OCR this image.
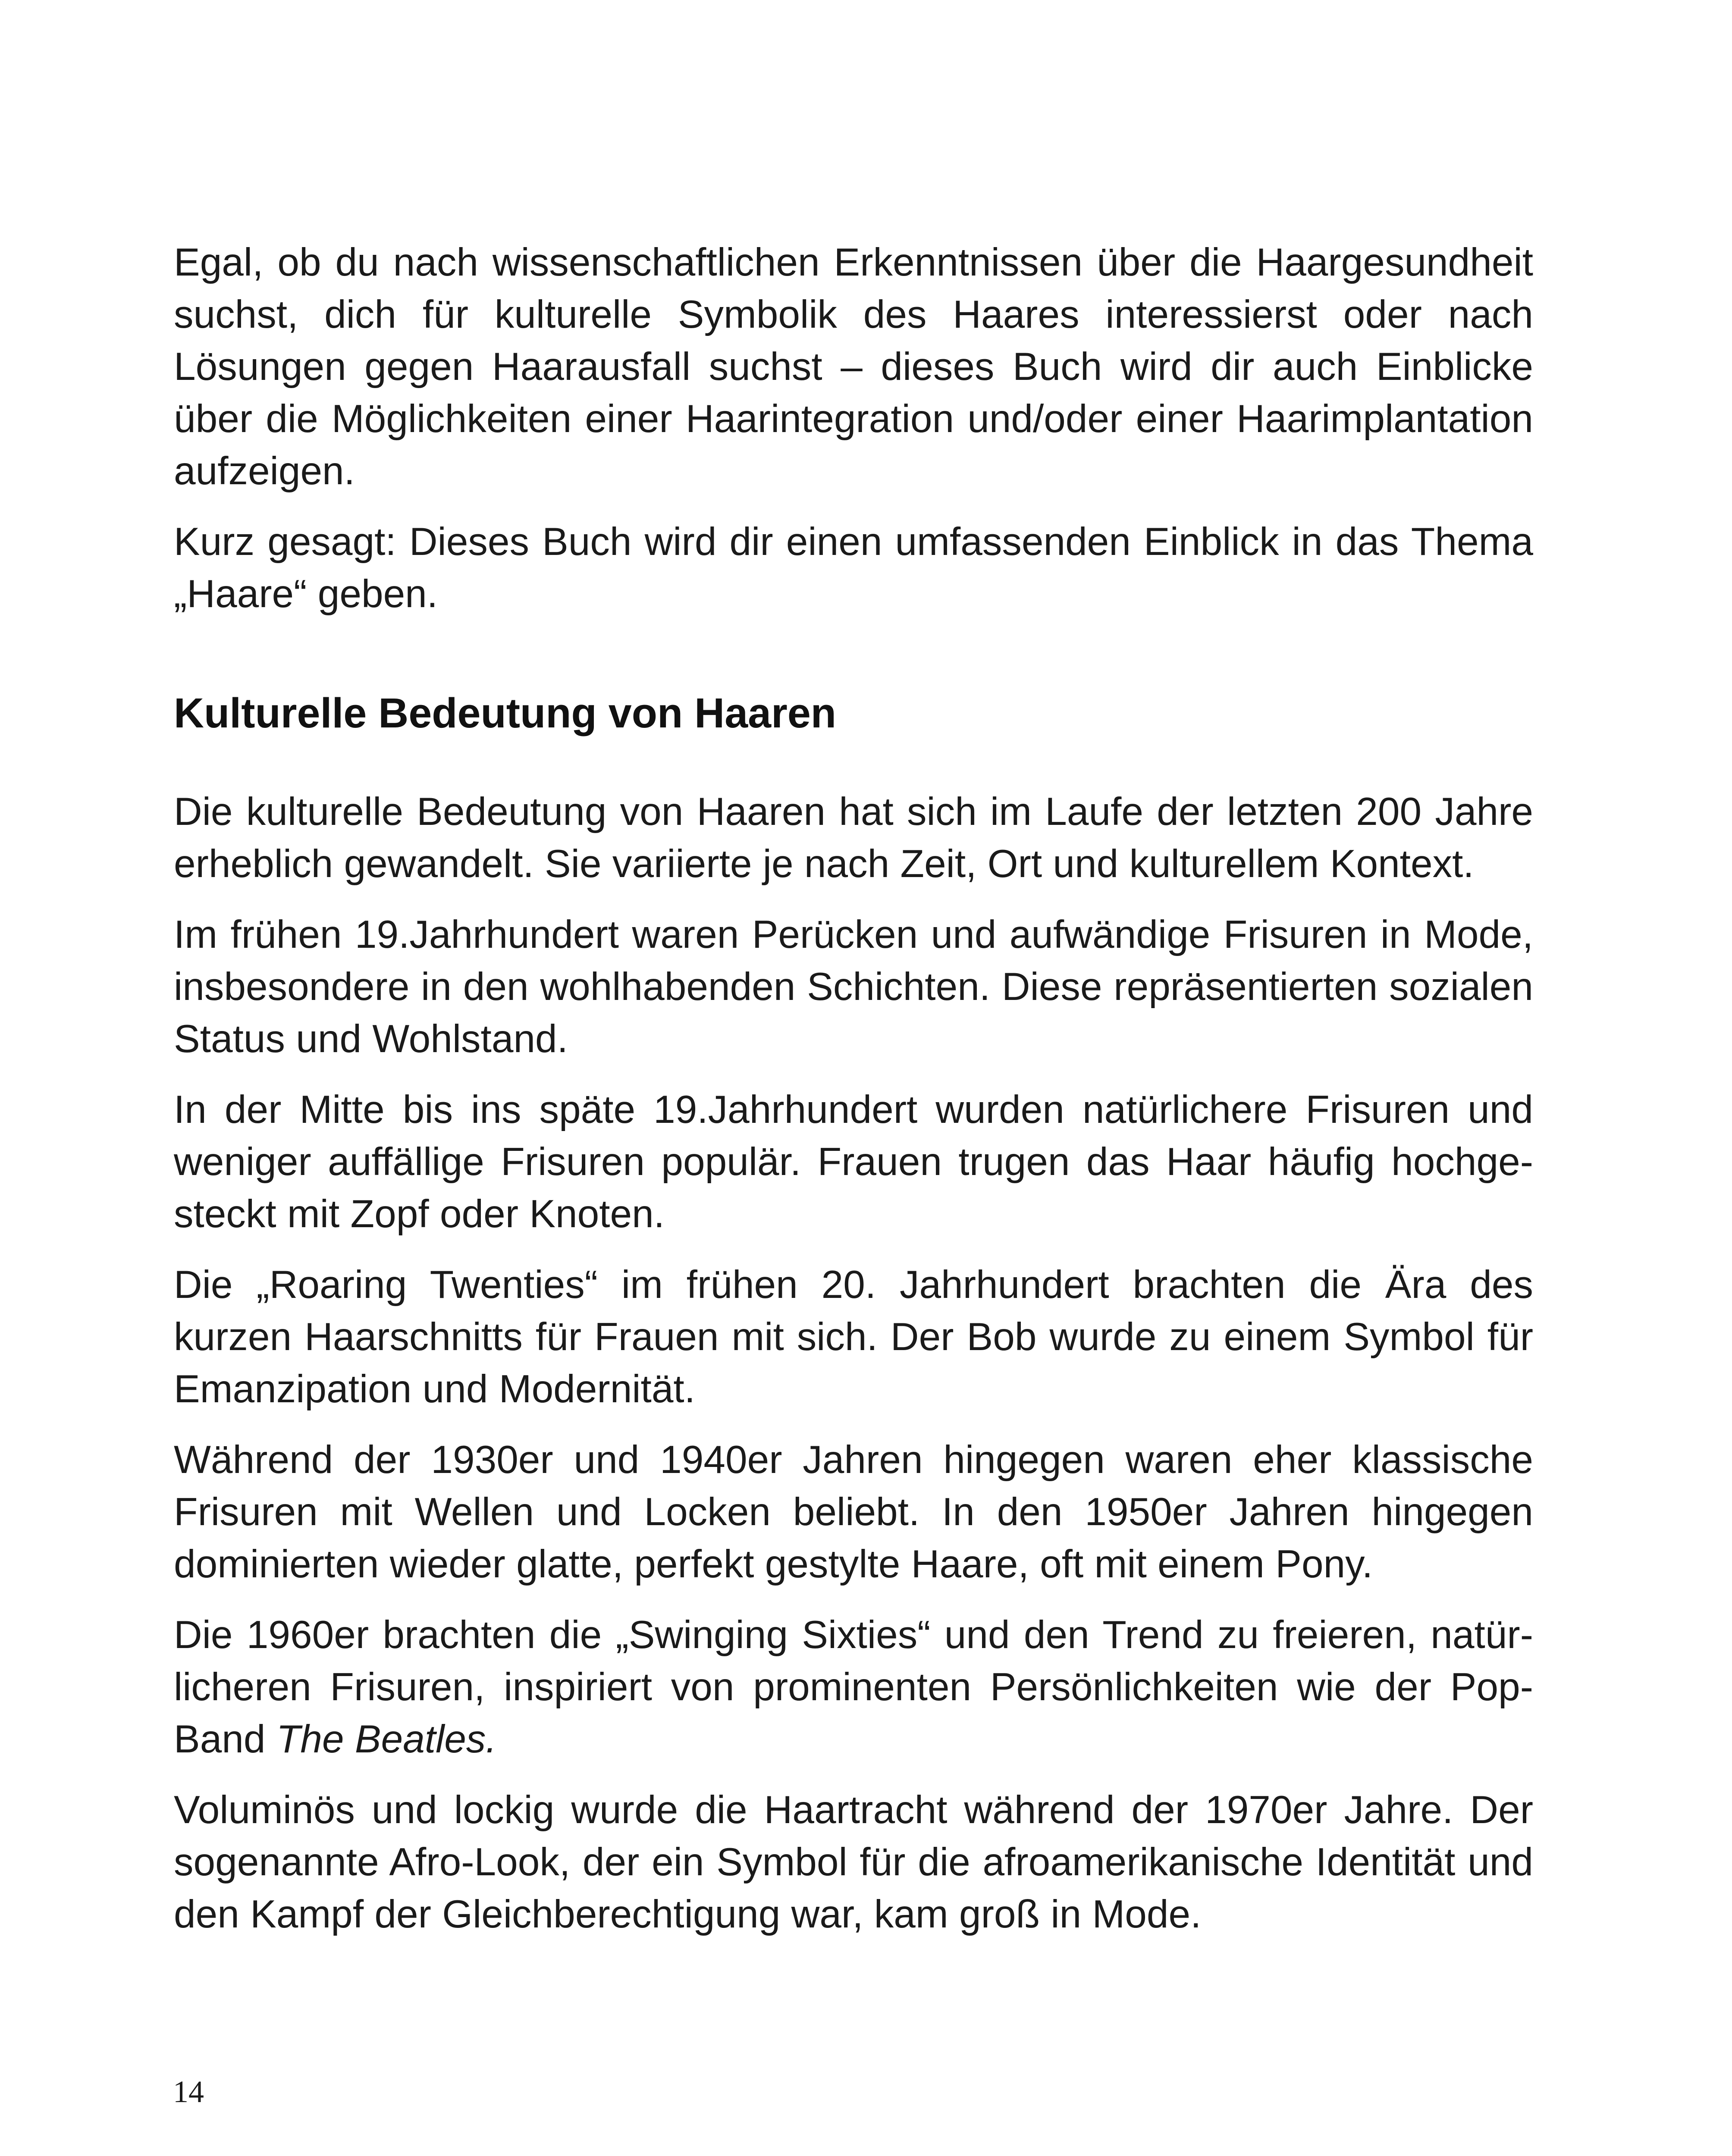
Egal, ob du nach wissenschaftlichen Erkenntnissen über die Haargesundheit suchst, dich für kulturelle Symbolik des Haares interessierst oder nach Lösungen gegen Haarausfall suchst – dieses Buch wird dir auch Einblicke über die Möglichkeiten einer Haarintegration und/oder einer Haarimplantation aufzeigen.

Kurz gesagt: Dieses Buch wird dir einen umfassenden Einblick in das Thema „Haare“ geben.

Kulturelle Bedeutung von Haaren

Die kulturelle Bedeutung von Haaren hat sich im Laufe der letzten 200 Jahre erheblich gewandelt. Sie variierte je nach Zeit, Ort und kulturellem Kontext.

Im frühen 19.Jahrhundert waren Perücken und aufwändige Frisuren in Mode, insbesondere in den wohlhabenden Schichten. Diese repräsentierten sozialen Status und Wohlstand.

In der Mitte bis ins späte 19.Jahrhundert wurden natürlichere Frisuren und weniger auffällige Frisuren populär. Frauen trugen das Haar häufig hochgesteckt mit Zopf oder Knoten.

Die „Roaring Twenties“ im frühen 20. Jahrhundert brachten die Ära des kurzen Haarschnitts für Frauen mit sich. Der Bob wurde zu einem Symbol für Emanzipation und Modernität.

Während der 1930er und 1940er Jahren hingegen waren eher klassische Frisuren mit Wellen und Locken beliebt. In den 1950er Jahren hingegen dominierten wieder glatte, perfekt gestylte Haare, oft mit einem Pony.

Die 1960er brachten die „Swinging Sixties“ und den Trend zu freieren, natürlicheren Frisuren, inspiriert von prominenten Persönlichkeiten wie der Pop-Band The Beatles.

Voluminös und lockig wurde die Haartracht während der 1970er Jahre. Der sogenannte Afro-Look, der ein Symbol für die afroamerikanische Identität und den Kampf der Gleichberechtigung war, kam groß in Mode.

14
